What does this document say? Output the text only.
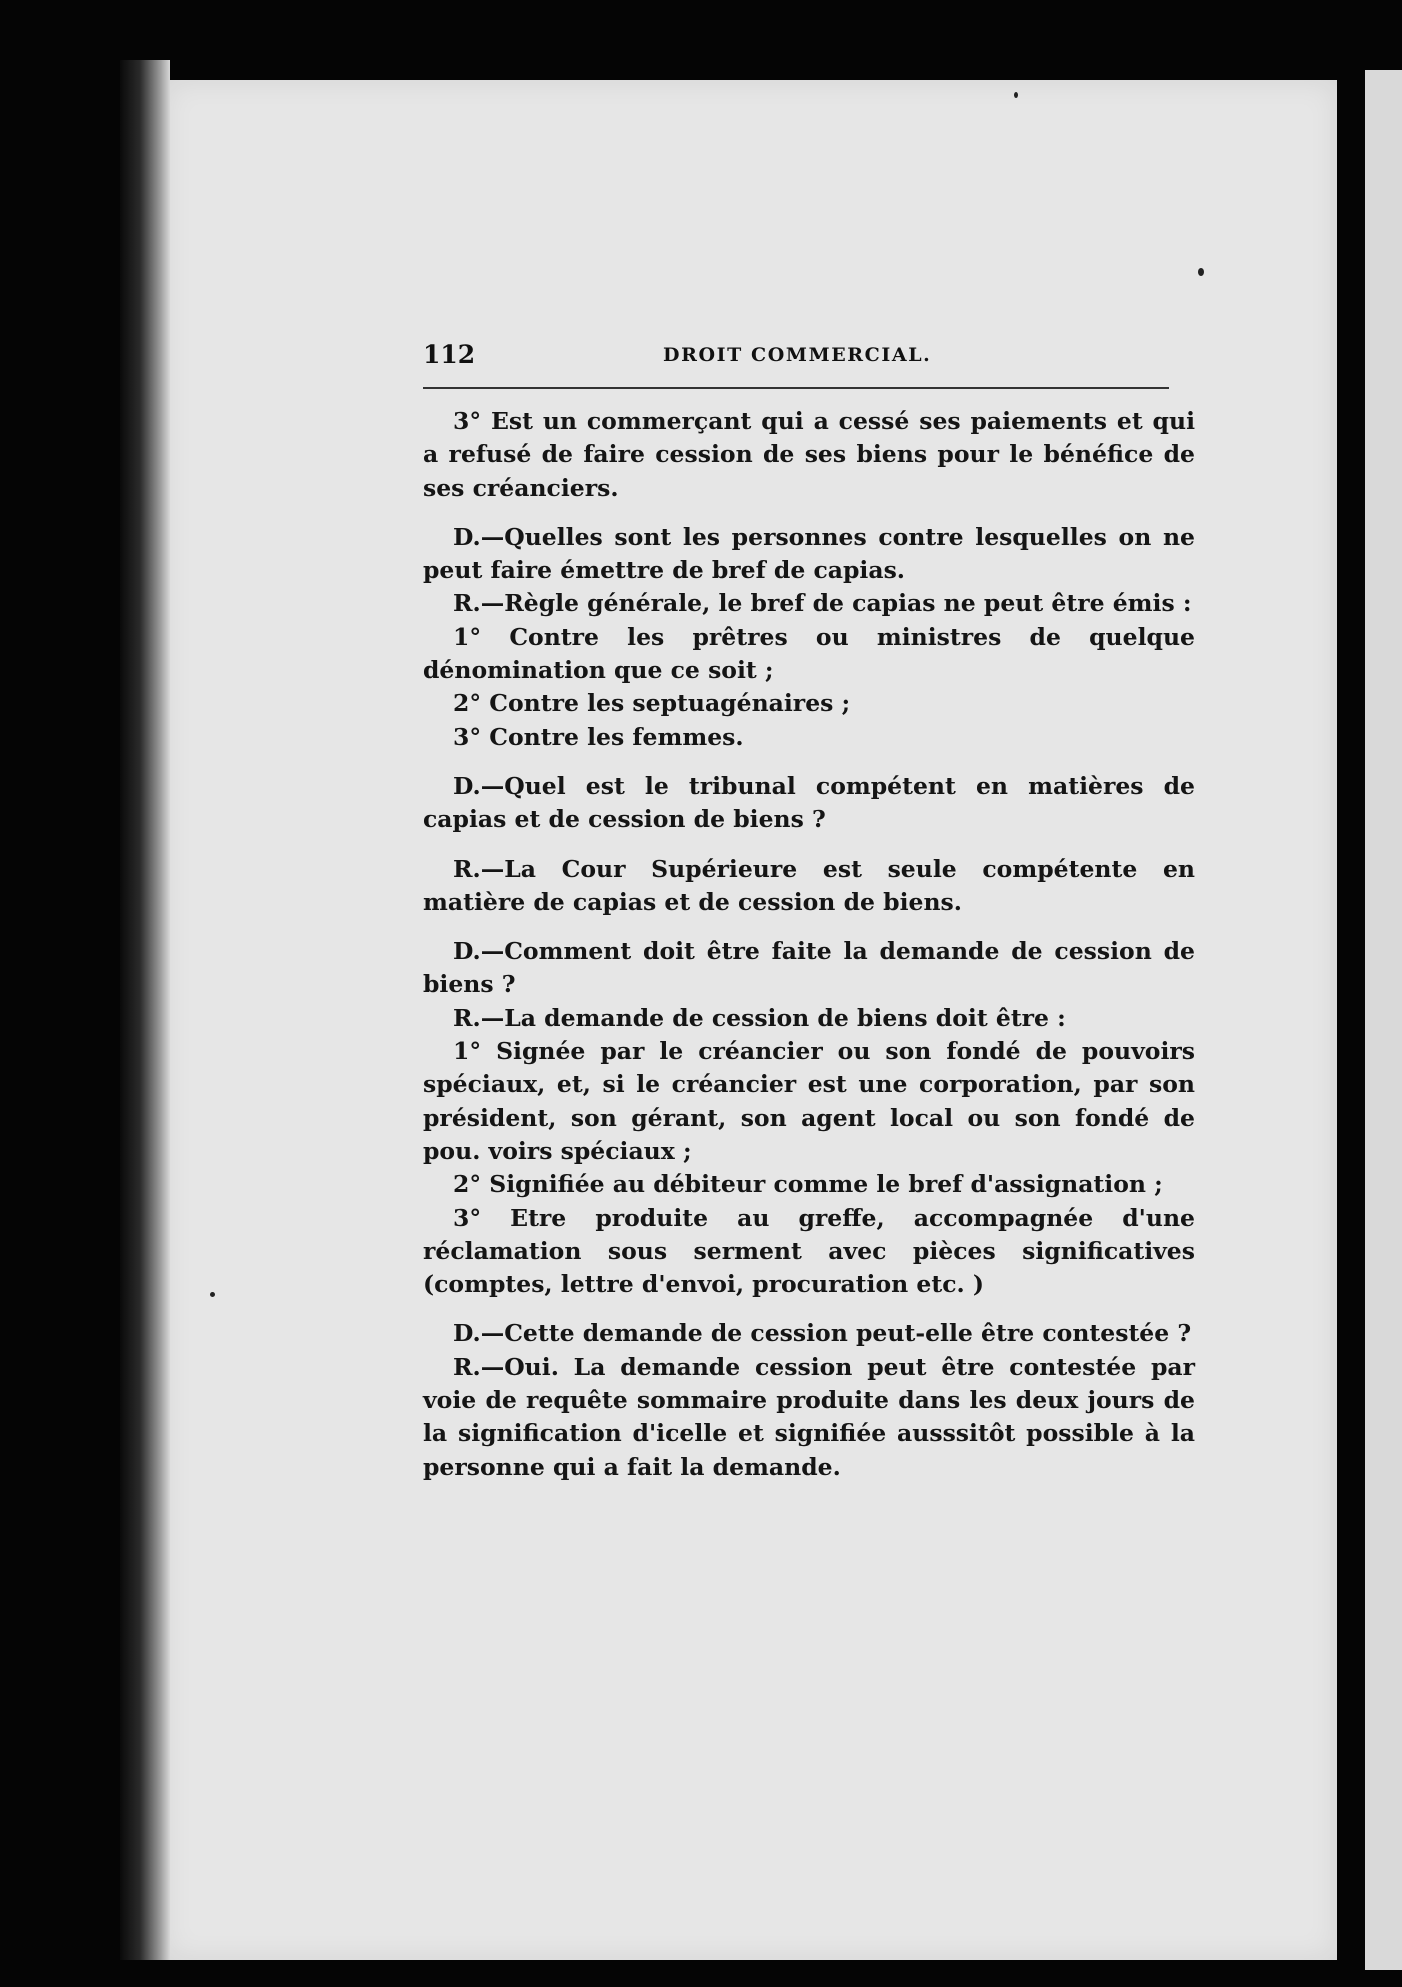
112	DROIT COMMERCIAL.

3° Est un commerçant qui a cessé ses paiements et qui a refusé de faire cession de ses biens pour le bénéfice de ses créanciers.

D.—Quelles sont les personnes contre lesquelles on ne peut faire émettre de bref de capias.

R.—Règle générale, le bref de capias ne peut être émis :

1° Contre les prêtres ou ministres de quelque dénomination que ce soit ;

2° Contre les septuagénaires ;

3° Contre les femmes.

D.—Quel est le tribunal compétent en matières de capias et de cession de biens ?

R.—La Cour Supérieure est seule compétente en matière de capias et de cession de biens.

D.—Comment doit être faite la demande de cession de biens ?

R.—La demande de cession de biens doit être :

1° Signée par le créancier ou son fondé de pouvoirs spéciaux, et, si le créancier est une corporation, par son président, son gérant, son agent local ou son fondé de pou. voirs spéciaux ;

2° Signifiée au débiteur comme le bref d'assignation ;

3° Etre produite au greffe, accompagnée d'une réclamation sous serment avec pièces significatives (comptes, lettre d'envoi, procuration etc. )

D.—Cette demande de cession peut-elle être contestée ?

R.—Oui. La demande cession peut être contestée par voie de requête sommaire produite dans les deux jours de la signification d'icelle et signifiée ausssitôt possible à la personne qui a fait la demande.
